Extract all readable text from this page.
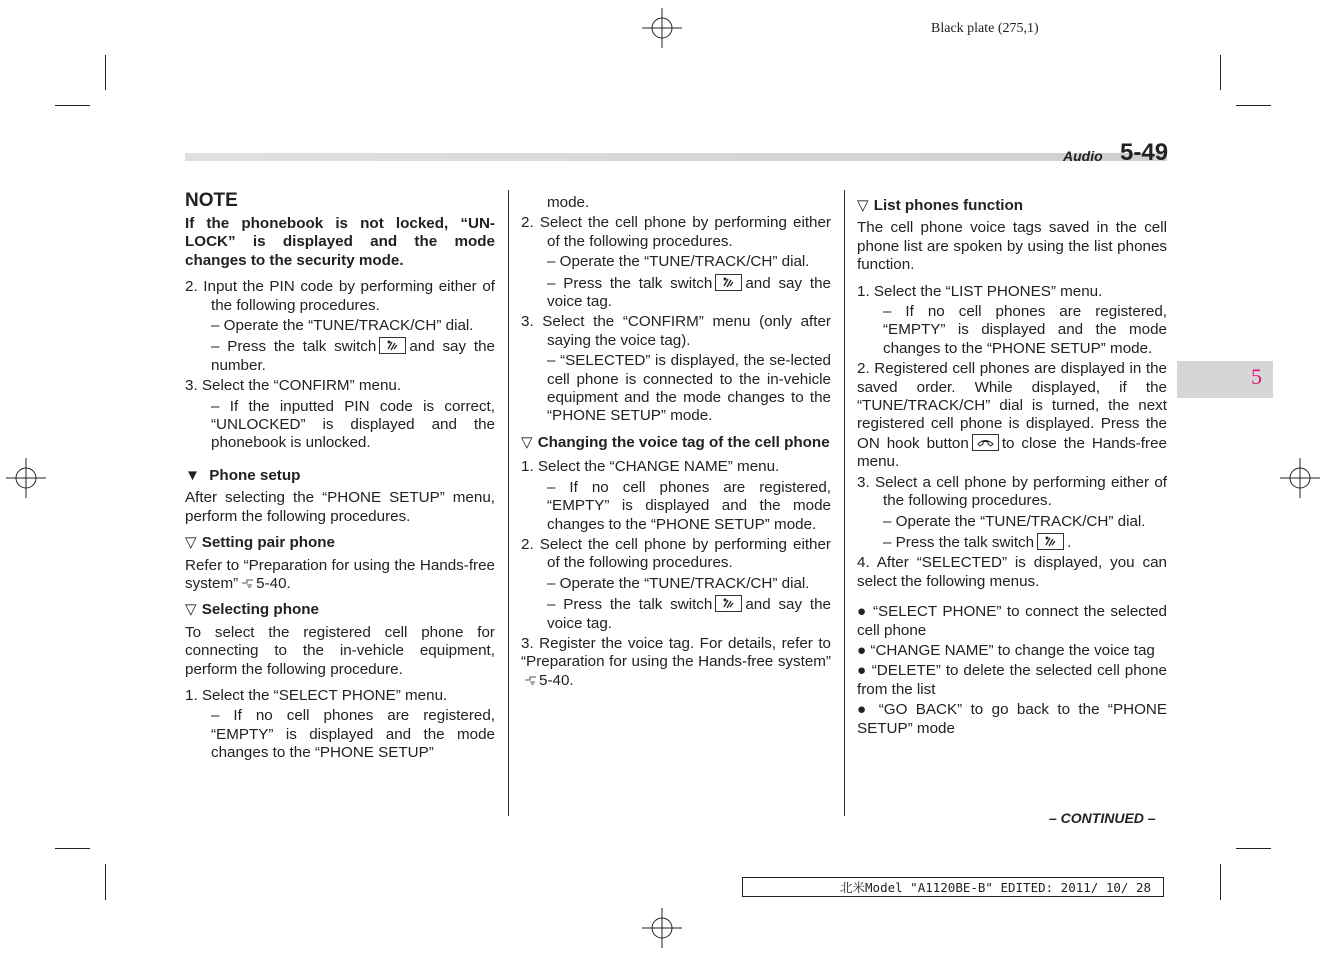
Black plate (275,1)
Audio 5-49
5
NOTE

If the phonebook is not locked, “UN-LOCK” is displayed and the mode changes to the security mode.

2. Input the PIN code by performing either of the following procedures.

– Operate the “TUNE/TRACK/CH” dial.

– Press the talk switch and say the number.

3. Select the “CONFIRM” menu.

– If the inputted PIN code is correct, “UNLOCKED” is displayed and the phonebook is unlocked.

▼ Phone setup

After selecting the “PHONE SETUP” menu, perform the following procedures.

▽ Setting pair phone

Refer to “Preparation for using the Hands-free system” 5-40.

▽ Selecting phone

To select the registered cell phone for connecting to the in-vehicle equipment, perform the following procedure.

1. Select the “SELECT PHONE” menu.

– If no cell phones are registered, “EMPTY” is displayed and the mode changes to the “PHONE SETUP”

mode.

2. Select the cell phone by performing either of the following procedures.

– Operate the “TUNE/TRACK/CH” dial.

– Press the talk switch and say the voice tag.

3. Select the “CONFIRM” menu (only after saying the voice tag).

– “SELECTED” is displayed, the se-lected cell phone is connected to the in-vehicle equipment and the mode changes to the “PHONE SETUP” mode.

▽ Changing the voice tag of the cell phone

1. Select the “CHANGE NAME” menu.

– If no cell phones are registered, “EMPTY” is displayed and the mode changes to the “PHONE SETUP” mode.

2. Select the cell phone by performing either of the following procedures.

– Operate the “TUNE/TRACK/CH” dial.

– Press the talk switch and say the voice tag.

3. Register the voice tag. For details, refer to “Preparation for using the Hands-free system”5-40.

▽ List phones function

The cell phone voice tags saved in the cell phone list are spoken by using the list phones function.

1. Select the “LIST PHONES” menu.

– If no cell phones are registered, “EMPTY” is displayed and the mode changes to the “PHONE SETUP” mode.

2. Registered cell phones are displayed in the saved order. While displayed, if the “TUNE/TRACK/CH” dial is turned, the next registered cell phone is displayed. Press the ON hook button to close the Hands-free menu.

3. Select a cell phone by performing either of the following procedures.

– Operate the “TUNE/TRACK/CH” dial.

– Press the talk switch .

4. After “SELECTED” is displayed, you can select the following menus.

● “SELECT PHONE” to connect the selected cell phone

● “CHANGE NAME” to change the voice tag

● “DELETE” to delete the selected cell phone from the list

● “GO BACK” to go back to the “PHONE SETUP” mode

– CONTINUED –
北米Model "A1120BE-B" EDITED: 2011/ 10/ 28
